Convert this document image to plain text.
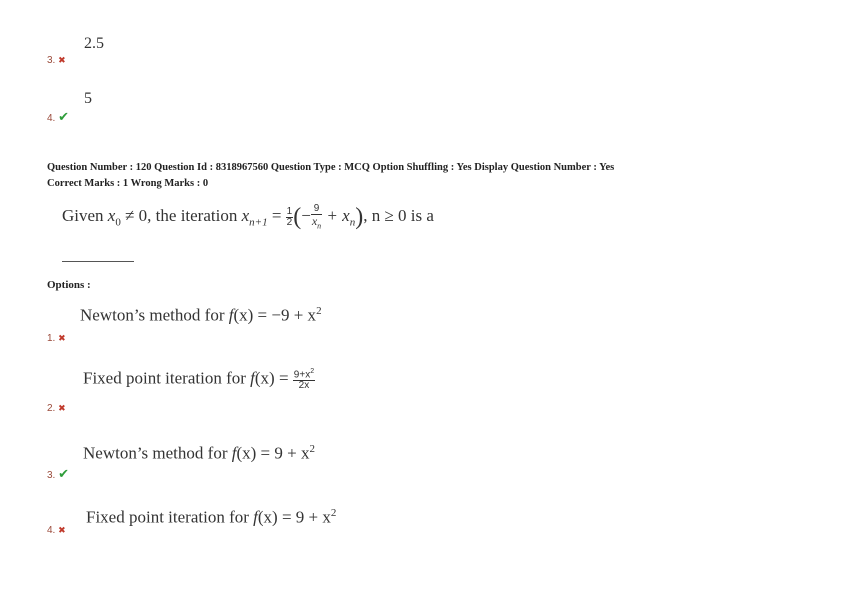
2.5
3. ✖
5
4. ✔
Question Number : 120 Question Id : 8318967560 Question Type : MCQ Option Shuffling : Yes Display Question Number : Yes
Correct Marks : 1 Wrong Marks : 0
Given $x_0 \ne 0$, the iteration $x_{n+1} = \frac{1}{2}$ (− $\frac{9}{x_n} + x_n$), n ≥ 0 is a
Options :
Newton’s method for $f(x) = -9 + x^2$
1. ✖
Fixed point iteration for $f(x) = \frac{9+x^2}{2x}$
2. ✖
Newton’s method for $f(x) = 9 + x^2$
3. ✔
Fixed point iteration for $f(x) = 9 + x^2$
4. ✖
